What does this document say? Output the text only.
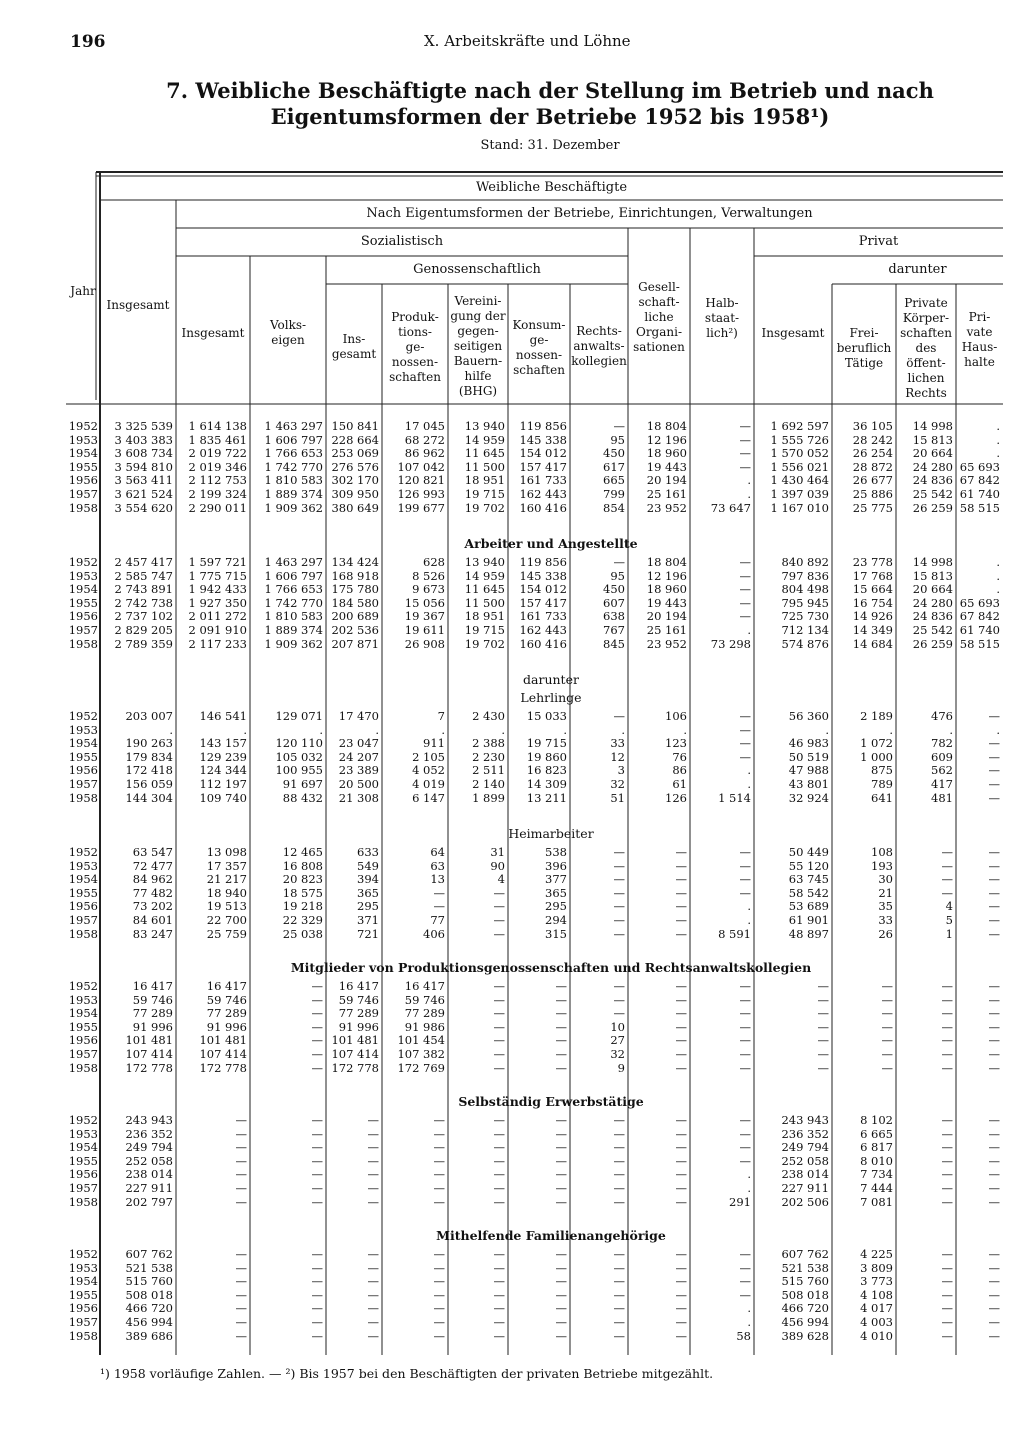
196	X. Arbeitskräfte und Löhne
7. Weibliche Beschäftigte nach der Stellung im Betrieb und nach
Eigentumsformen der Betriebe 1952 bis 1958¹)
Stand: 31. Dezember
Weibliche Beschäftigte
Nach Eigentumsformen der Betriebe, Einrichtungen, Verwaltungen
Sozialistisch	Privat
Genossenschaftlich	darunter
Jahr
Insgesamt
Insgesamt
Volks-
eigen	Ins-
gesamt
Produk-
tions-
ge-
nossen-
schaften
Vereini-
gung der
gegen-
seitigen
Bauern-
hilfe
(BHG)
Konsum-
ge-
nossen-
schaften
Rechts-
anwalts-
kollegien
Gesell-
schaft-
liche
Organi-
sationen
Halb-
staat-
lich²)	Insgesamt	Frei-
beruflich
Tätige
Private
Körper-
schaften
des
öffent-
lichen
Rechts
Pri-
vate
Haus-
halte
1952	3 325 539	1 614 138	1 463 297	150 841	17 045	13 940	119 856	—	18 804	—	1 692 597	36 105	14 998	.
1953	3 403 383	1 835 461	1 606 797	228 664	68 272	14 959	145 338	95	12 196	—	1 555 726	28 242	15 813	.
1954	3 608 734	2 019 722	1 766 653	253 069	86 962	11 645	154 012	450	18 960	—	1 570 052	26 254	20 664	.
1955	3 594 810	2 019 346	1 742 770	276 576	107 042	11 500	157 417	617	19 443	—	1 556 021	28 872	24 280	65 693
1956	3 563 411	2 112 753	1 810 583	302 170	120 821	18 951	161 733	665	20 194	.	1 430 464	26 677	24 836	67 842
1957	3 621 524	2 199 324	1 889 374	309 950	126 993	19 715	162 443	799	25 161	.	1 397 039	25 886	25 542	61 740
1958	3 554 620	2 290 011	1 909 362	380 649	199 677	19 702	160 416	854	23 952	73 647	1 167 010	25 775	26 259	58 515
Arbeiter und Angestellte
1952	2 457 417	1 597 721	1 463 297	134 424	628	13 940	119 856	—	18 804	—	840 892	23 778	14 998	.
1953	2 585 747	1 775 715	1 606 797	168 918	8 526	14 959	145 338	95	12 196	—	797 836	17 768	15 813	.
1954	2 743 891	1 942 433	1 766 653	175 780	9 673	11 645	154 012	450	18 960	—	804 498	15 664	20 664	.
1955	2 742 738	1 927 350	1 742 770	184 580	15 056	11 500	157 417	607	19 443	—	795 945	16 754	24 280	65 693
1956	2 737 102	2 011 272	1 810 583	200 689	19 367	18 951	161 733	638	20 194	—	725 730	14 926	24 836	67 842
1957	2 829 205	2 091 910	1 889 374	202 536	19 611	19 715	162 443	767	25 161	.	712 134	14 349	25 542	61 740
1958	2 789 359	2 117 233	1 909 362	207 871	26 908	19 702	160 416	845	23 952	73 298	574 876	14 684	26 259	58 515
darunter
Lehrlinge
1952	203 007	146 541	129 071	17 470	7	2 430	15 033	—	106	—	56 360	2 189	476	—
1953	.	.	.	.	.	.	.	.	.	—	.	.	.	.
1954	190 263	143 157	120 110	23 047	911	2 388	19 715	33	123	—	46 983	1 072	782	—
1955	179 834	129 239	105 032	24 207	2 105	2 230	19 860	12	76	—	50 519	1 000	609	—
1956	172 418	124 344	100 955	23 389	4 052	2 511	16 823	3	86	.	47 988	875	562	—
1957	156 059	112 197	91 697	20 500	4 019	2 140	14 309	32	61	.	43 801	789	417	—
1958	144 304	109 740	88 432	21 308	6 147	1 899	13 211	51	126	1 514	32 924	641	481	—
Heimarbeiter
1952	63 547	13 098	12 465	633	64	31	538	—	—	—	50 449	108	—	—
1953	72 477	17 357	16 808	549	63	90	396	—	—	—	55 120	193	—	—
1954	84 962	21 217	20 823	394	13	4	377	—	—	—	63 745	30	—	—
1955	77 482	18 940	18 575	365	—	—	365	—	—	—	58 542	21	—	—
1956	73 202	19 513	19 218	295	—	—	295	—	—	.	53 689	35	4	—
1957	84 601	22 700	22 329	371	77	—	294	—	—	.	61 901	33	5	—
1958	83 247	25 759	25 038	721	406	—	315	—	—	8 591	48 897	26	1	—
Mitglieder von Produktionsgenossenschaften und Rechtsanwaltskollegien
1952	16 417	16 417	—	16 417	16 417	—	—	—	—	—	—	—	—	—
1953	59 746	59 746	—	59 746	59 746	—	—	—	—	—	—	—	—	—
1954	77 289	77 289	—	77 289	77 289	—	—	—	—	—	—	—	—	—
1955	91 996	91 996	—	91 996	91 986	—	—	10	—	—	—	—	—	—
1956	101 481	101 481	—	101 481	101 454	—	—	27	—	—	—	—	—	—
1957	107 414	107 414	—	107 414	107 382	—	—	32	—	—	—	—	—	—
1958	172 778	172 778	—	172 778	172 769	—	—	9	—	—	—	—	—	—
Selbständig Erwerbstätige
1952	243 943	—	—	—	—	—	—	—	—	—	243 943	8 102	—	—
1953	236 352	—	—	—	—	—	—	—	—	—	236 352	6 665	—	—
1954	249 794	—	—	—	—	—	—	—	—	—	249 794	6 817	—	—
1955	252 058	—	—	—	—	—	—	—	—	—	252 058	8 010	—	—
1956	238 014	—	—	—	—	—	—	—	—	.	238 014	7 734	—	—
1957	227 911	—	—	—	—	—	—	—	—	.	227 911	7 444	—	—
1958	202 797	—	—	—	—	—	—	—	—	291	202 506	7 081	—	—
Mithelfende Familienangehörige
1952	607 762	—	—	—	—	—	—	—	—	—	607 762	4 225	—	—
1953	521 538	—	—	—	—	—	—	—	—	—	521 538	3 809	—	—
1954	515 760	—	—	—	—	—	—	—	—	—	515 760	3 773	—	—
1955	508 018	—	—	—	—	—	—	—	—	—	508 018	4 108	—	—
1956	466 720	—	—	—	—	—	—	—	—	.	466 720	4 017	—	—
1957	456 994	—	—	—	—	—	—	—	—	.	456 994	4 003	—	—
1958	389 686	—	—	—	—	—	—	—	—	58	389 628	4 010	—	—
¹) 1958 vorläufige Zahlen. — ²) Bis 1957 bei den Beschäftigten der privaten Betriebe mitgezählt.
